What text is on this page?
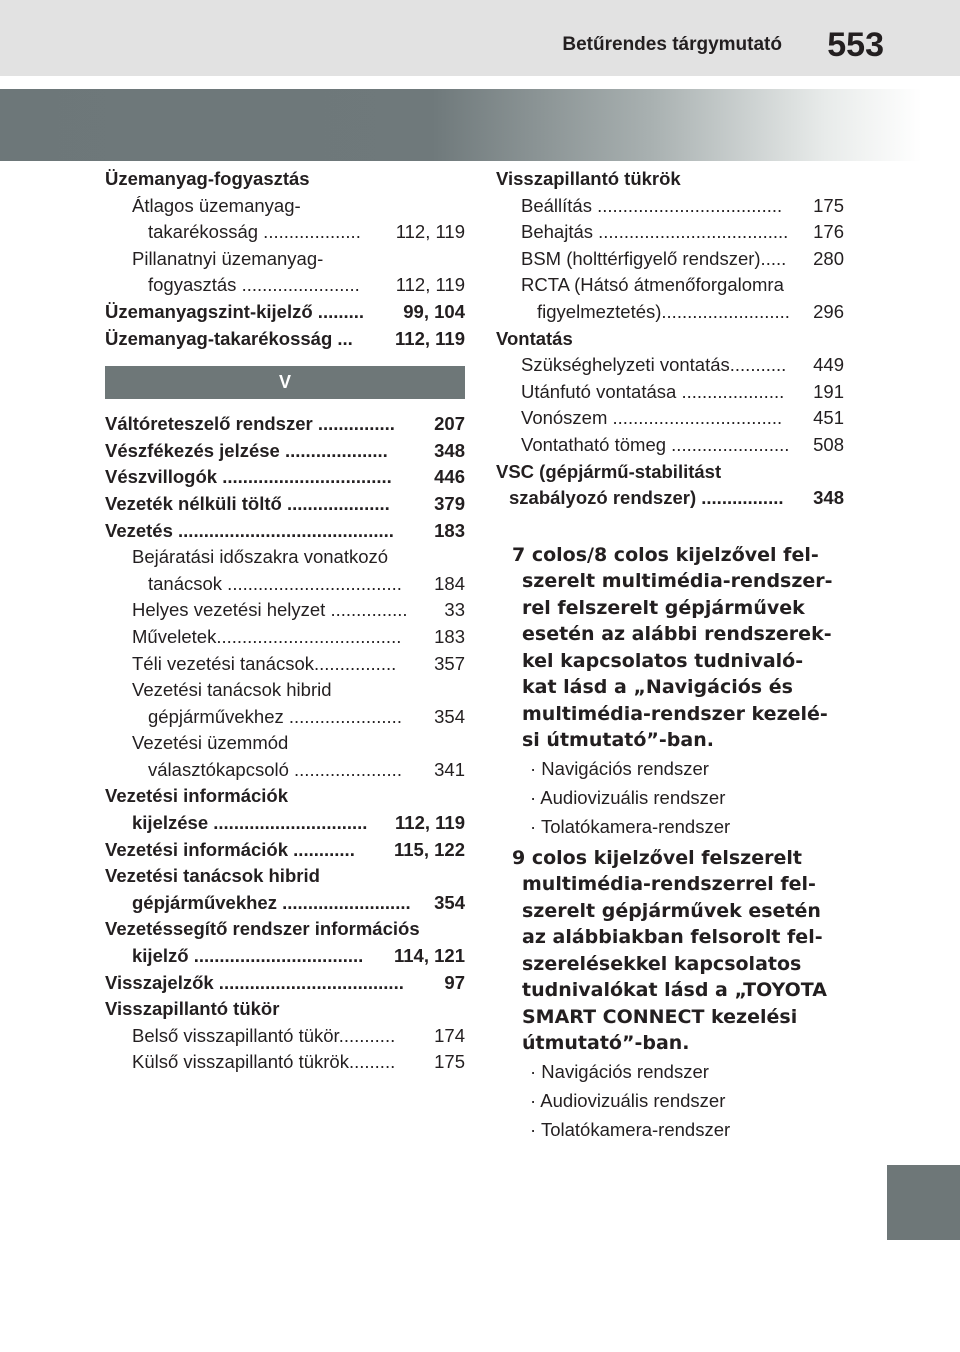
Betűrendes tárgymutató 553
Üzemanyag-fogyasztás
Átlagos üzemanyag-
takarékosság ................... 112, 119
Pillanatnyi üzemanyag-
fogyasztás ....................... 112, 119
Üzemanyagszint-kijelző ......... 99, 104
Üzemanyag-takarékosság ... 112, 119
V
Váltóreteszelő rendszer ............... 207
Vészfékezés jelzése ....................	348
Vészvillogók ................................. 446
Vezeték nélküli töltő .................... 379
Vezetés .......................................... 183
Bejáratási időszakra vonatkozó
tanácsok .................................. 184
Helyes vezetési helyzet ............... 33
Műveletek.................................... 183
Téli vezetési tanácsok................ 357
Vezetési tanácsok hibrid
gépjárművekhez ...................... 354
Vezetési üzemmód
választókapcsoló ..................... 341
Vezetési információk
kijelzése .............................. 112, 119
Vezetési információk ............ 115, 122
Vezetési tanácsok hibrid
gépjárművekhez ......................... 354
Vezetéssegítő rendszer információs
kijelző ................................. 114, 121
Visszajelzők .................................... 97
Visszapillantó tükör
Belső visszapillantó tükör........... 174
Külső visszapillantó tükrök......... 175
Visszapillantó tükrök
Beállítás .................................... 175
Behajtás ..................................... 176
BSM (holttérfigyelő rendszer)..... 280
RCTA (Hátsó átmenőforgalomra
figyelmeztetés)......................... 296
Vontatás
Szükséghelyzeti vontatás........... 449
Utánfutó vontatása .................... 191
Vonószem ................................. 451
Vontatható tömeg ....................... 508
VSC (gépjármű-stabilitást
szabályozó rendszer) ................ 348
7 colos/8 colos kijelzővel fel-
szerelt multimédia-rendszer-
rel felszerelt gépjárművek
esetén az alábbi rendszerek-
kel kapcsolatos tudnivaló-
kat lásd a „Navigációs és
multimédia-rendszer kezelé-
si útmutató”-ban.
· Navigációs rendszer
· Audiovizuális rendszer
· Tolatókamera-rendszer
9 colos kijelzővel felszerelt
multimédia-rendszerrel fel-
szerelt gépjárművek esetén
az alábbiakban felsorolt fel-
szerelésekkel kapcsolatos
tudnivalókat lásd a „TOYOTA
SMART CONNECT kezelési
útmutató”-ban.
· Navigációs rendszer
· Audiovizuális rendszer
· Tolatókamera-rendszer
